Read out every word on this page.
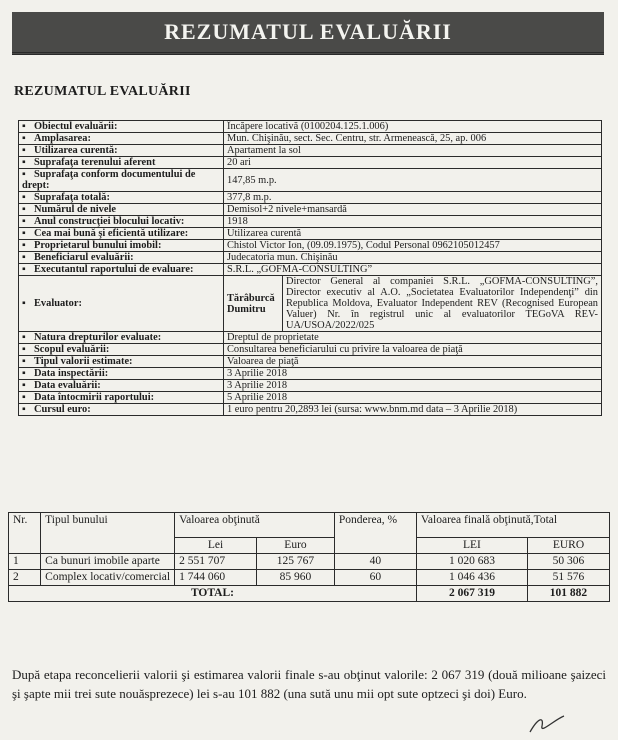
REZUMATUL EVALUĂRII
REZUMATUL EVALUĂRII
▪ Obiectul evaluării:	Încăpere locativă (0100204.125.1.006)
▪ Amplasarea:	Mun. Chişinău, sect. Sec. Centru, str. Armenească, 25, ap. 006
▪ Utilizarea curentă:	Apartament la sol
▪ Suprafaţa terenului aferent	20 ari
▪ Suprafaţa conform documentului de drept:	147,85 m.p.
▪ Suprafaţa totală:	377,8 m.p.
▪ Numărul de nivele	Demisol+2 nivele+mansardă
▪ Anul construcţiei blocului locativ:	1918
▪ Cea mai bună şi eficientă utilizare:	Utilizarea curentă
▪ Proprietarul bunului imobil:	Chistol Victor Ion, (09.09.1975), Codul Personal 0962105012457
▪ Beneficiarul evaluării:	Judecatoria mun. Chişinău
▪ Executantul raportului de evaluare:	S.R.L. „GOFMA-CONSULTING”
▪ Evaluator:		Tărâburcă Dumitru	Director General al companiei S.R.L. „GOFMA-CONSULTING”, Director executiv al A.O. „Societatea Evaluatorilor Independenţi” din Republica Moldova, Evaluator Independent REV (Recognised European Valuer) Nr. în registrul unic al evaluatorilor TEGoVA REV-UA/USOA/2022/025

▪ Natura drepturilor evaluate:	Dreptul de proprietate
▪ Scopul evaluării:	Consultarea beneficiarului cu privire la valoarea de piaţă
▪ Tipul valorii estimate:	Valoarea de piaţă
▪ Data inspectării:	3 Aprilie 2018
▪ Data evaluării:	3 Aprilie 2018
▪ Data întocmirii raportului:	5 Aprilie 2018
▪ Cursul euro:	1 euro pentru 20,2893 lei (sursa: www.bnm.md data – 3 Aprilie 2018)
Nr.	Tipul bunului	Valoarea obţinută		Ponderea, %	Valoarea finală obţinută,Total	
		Lei	Euro		LEI	EURO
1	Ca bunuri imobile aparte	2 551 707	125 767	40	1 020 683	50 306
2	Complex locativ/comercial	1 744 060	85 960	60	1 046 436	51 576
TOTAL:					2 067 319	101 882
După etapa reconcelierii valorii şi estimarea valorii finale s-au obţinut valorile: 2 067 319 (două milioane şaizeci şi şapte mii trei sute nouăsprezece) lei s-au 101 882 (una sută unu mii opt sute optzeci şi doi) Euro.
